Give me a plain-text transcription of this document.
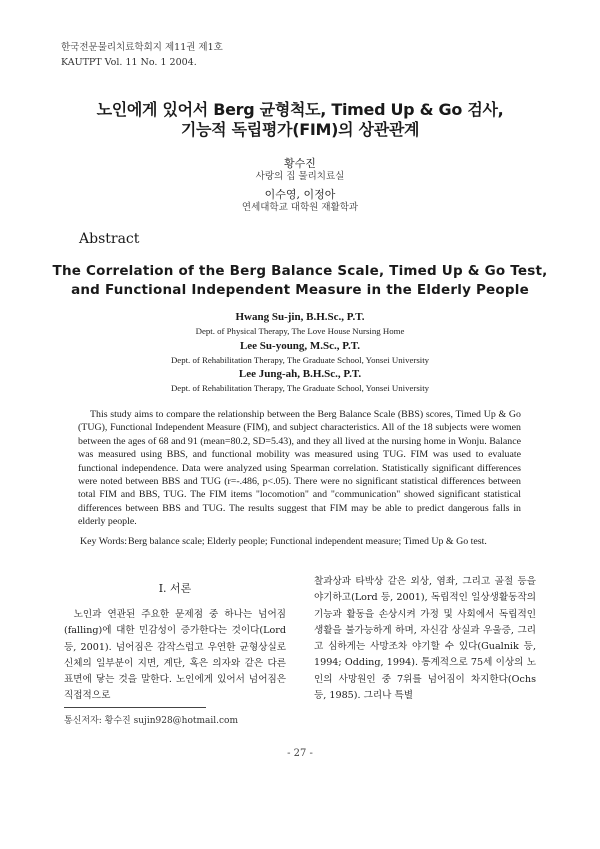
한국전문물리치료학회지 제11권 제1호
KAUTPT Vol. 11 No. 1 2004.
노인에게 있어서 Berg 균형척도, Timed Up & Go 검사,
기능적 독립평가(FIM)의 상관관계
황수진
사랑의 집 물리치료실
이수영, 이정아
연세대학교 대학원 재활학과
Abstract
The Correlation of the Berg Balance Scale, Timed Up & Go Test,
and Functional Independent Measure in the Elderly People
Hwang Su-jin, B.H.Sc., P.T.
Dept. of Physical Therapy, The Love House Nursing Home
Lee Su-young, M.Sc., P.T.
Dept. of Rehabilitation Therapy, The Graduate School, Yonsei University
Lee Jung-ah, B.H.Sc., P.T.
Dept. of Rehabilitation Therapy, The Graduate School, Yonsei University
This study aims to compare the relationship between the Berg Balance Scale (BBS) scores, Timed Up & Go (TUG), Functional Independent Measure (FIM), and subject characteristics. All of the 18 subjects were women between the ages of 68 and 91 (mean=80.2, SD=5.43), and they all lived at the nursing home in Wonju. Balance was measured using BBS, and functional mobility was measured using TUG. FIM was used to evaluate functional independence. Data were analyzed using Spearman correlation. Statistically significant differences were noted between BBS and TUG (r=-.486, p<.05). There were no significant statistical differences between total FIM and BBS, TUG. The FIM items "locomotion" and "communication" showed significant statistical differences between BBS and TUG. The results suggest that FIM may be able to predict dangerous falls in elderly people.
Key Words: Berg balance scale; Elderly people; Functional independent measure; Timed Up & Go test.
Ⅰ. 서론
노인과 연관된 주요한 문제점 중 하나는 넘어짐(falling)에 대한 민감성이 증가한다는 것이다(Lord 등, 2001). 넘어짐은 감작스럽고 우연한 균형상실로 신체의 일부분이 지면, 계단, 혹은 의자와 같은 다른 표면에 닿는 것을 말한다. 노인에게 있어서 넘어짐은 직접적으로
찰과상과 타박상 같은 외상, 염좌, 그리고 골절 등을 야기하고(Lord 등, 2001), 독립적인 일상생활동작의 기능과 활동을 손상시켜 가정 및 사회에서 독립적인 생활을 불가능하게 하며, 자신감 상실과 우울증, 그리고 심하게는 사망조차 야기할 수 있다(Gualnik 등, 1994; Odding, 1994). 통계적으로 75세 이상의 노인의 사망원인 중 7위를 넘어짐이 차지한다(Ochs 등, 1985). 그리나 특별
통신저자: 황수진 sujin928@hotmail.com
- 27 -
